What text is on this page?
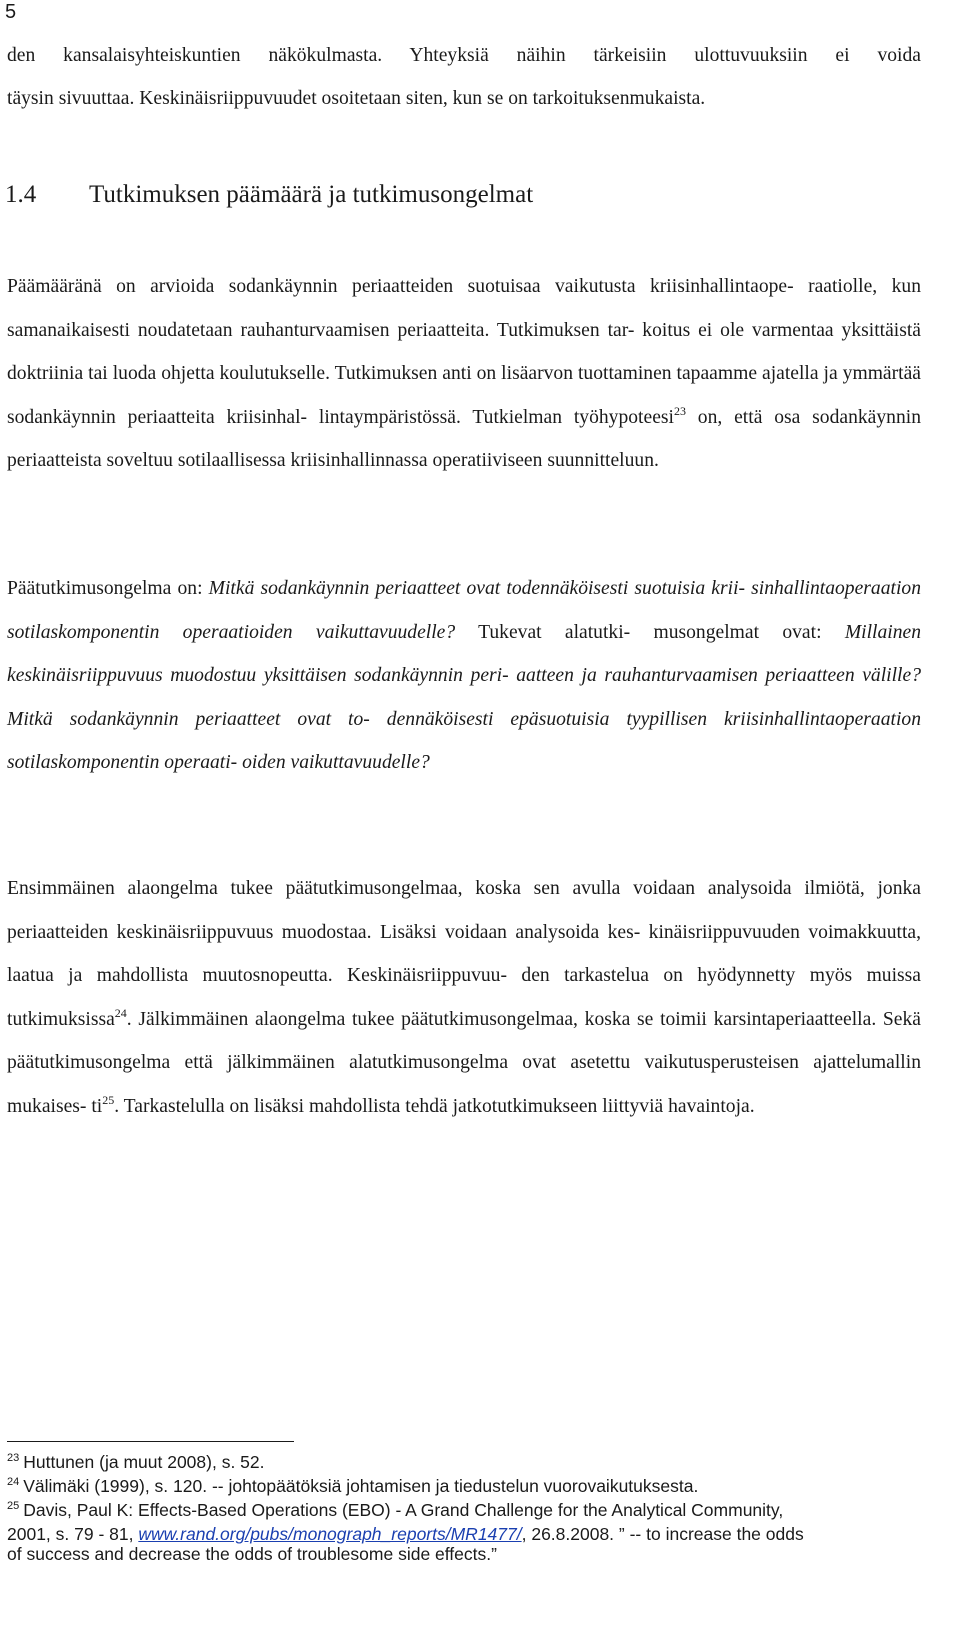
5
den kansalaisyhteiskuntien näkökulmasta. Yhteyksiä näihin tärkeisiin ulottuvuuksiin ei voida
täysin sivuuttaa. Keskinäisriippuvuudet osoitetaan siten, kun se on tarkoituksenmukaista.
1.4 Tutkimuksen päämäärä ja tutkimusongelmat
Päämääränä on arvioida sodankäynnin periaatteiden suotuisaa vaikutusta kriisinhallintaope- raatiolle, kun samanaikaisesti noudatetaan rauhanturvaamisen periaatteita. Tutkimuksen tar- koitus ei ole varmentaa yksittäistä doktriinia tai luoda ohjetta koulutukselle. Tutkimuksen anti on lisäarvon tuottaminen tapaamme ajatella ja ymmärtää sodankäynnin periaatteita kriisinhal- lintaympäristössä. Tutkielman työhypoteesi$^{23}$ on, että osa sodankäynnin periaatteista soveltuu sotilaallisessa kriisinhallinnassa operatiiviseen suunnitteluun.
Päätutkimusongelma on: Mitkä sodankäynnin periaatteet ovat todennäköisesti suotuisia krii- sinhallintaoperaation sotilaskomponentin operaatioiden vaikuttavuudelle? Tukevat alatutki- musongelmat ovat: Millainen keskinäisriippuvuus muodostuu yksittäisen sodankäynnin peri- aatteen ja rauhanturvaamisen periaatteen välille? Mitkä sodankäynnin periaatteet ovat to- dennäköisesti epäsuotuisia tyypillisen kriisinhallintaoperaation sotilaskomponentin operaati- oiden vaikuttavuudelle?
Ensimmäinen alaongelma tukee päätutkimusongelmaa, koska sen avulla voidaan analysoida ilmiötä, jonka periaatteiden keskinäisriippuvuus muodostaa. Lisäksi voidaan analysoida kes- kinäisriippuvuuden voimakkuutta, laatua ja mahdollista muutosnopeutta. Keskinäisriippuvuu- den tarkastelua on hyödynnetty myös muissa tutkimuksissa$^{24}$. Jälkimmäinen alaongelma tukee päätutkimusongelmaa, koska se toimii karsintaperiaatteella. Sekä päätutkimusongelma että jälkimmäinen alatutkimusongelma ovat asetettu vaikutusperusteisen ajattelumallin mukaises- $ti^{25}$. Tarkastelulla on lisäksi mahdollista tehdä jatkotutkimukseen liittyviä havaintoja.
$^{23}$ Huttunen (ja muut 2008), s. 52.
$^{24}$ Välimäki (1999), s. 120. -- johtopäätöksiä johtamisen ja tiedustelun vuorovaikutuksesta.
$^{25}$ Davis, Paul K: Effects-Based Operations (EBO) - A Grand Challenge for the Analytical Community,
2001, s. 79 - 81, www.rand.org/pubs/monograph_reports/MR1477/, 26.8.2008. ” -- to increase the odds
of success and decrease the odds of troublesome side effects.”
